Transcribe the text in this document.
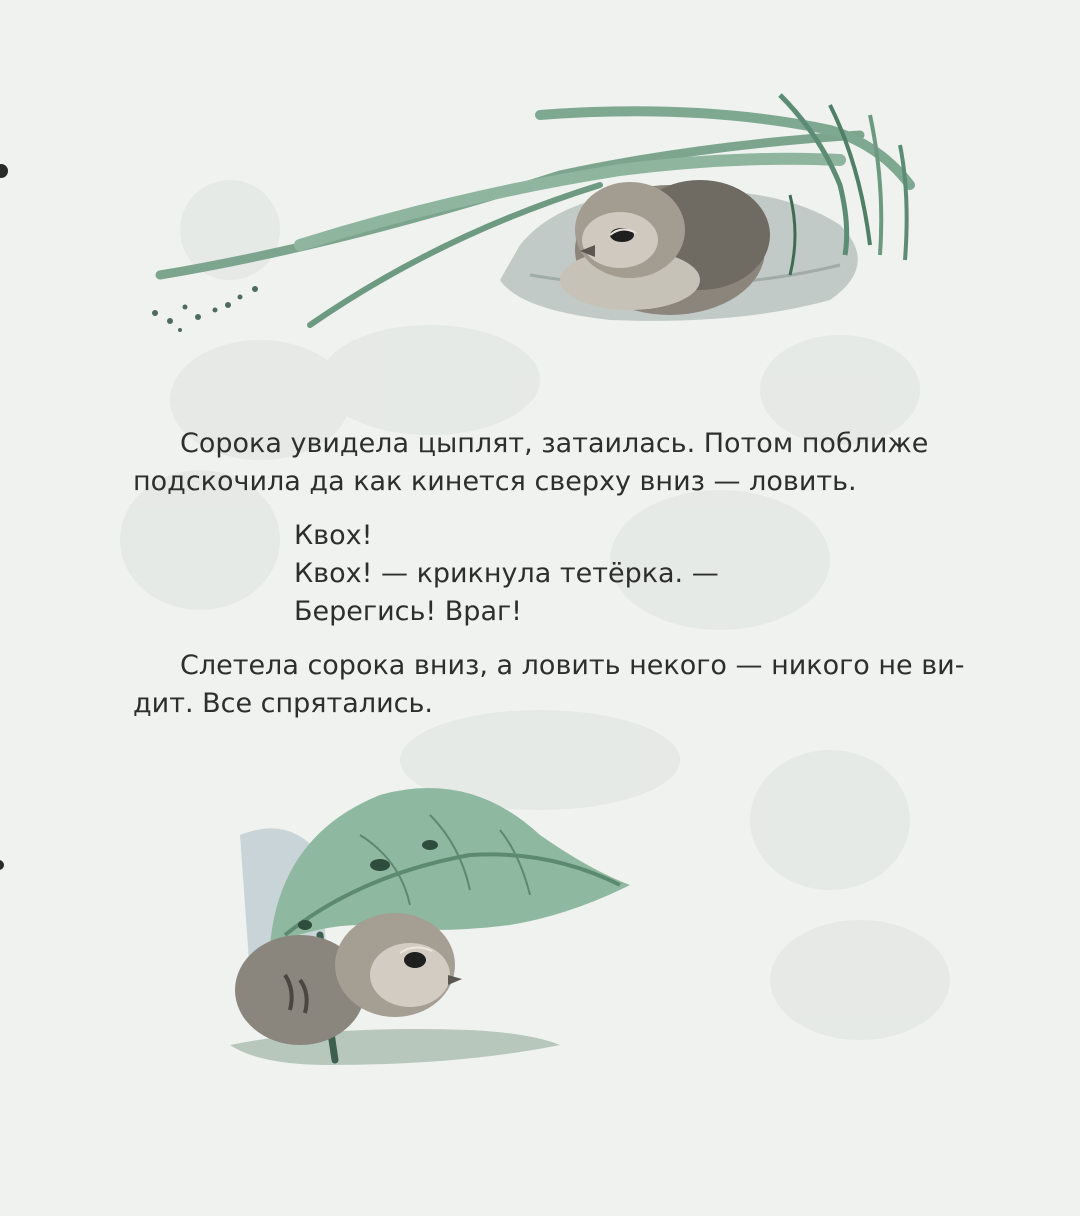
Сорока увидела цыплят, затаилась. Потом поближе
подскочила да как кинется сверху вниз — ловить.
Квох!
Квох! — крикнула тетёрка. —
Берегись! Враг!
Слетела сорока вниз, а ловить некого — никого не ви-
дит. Все спрятались.
